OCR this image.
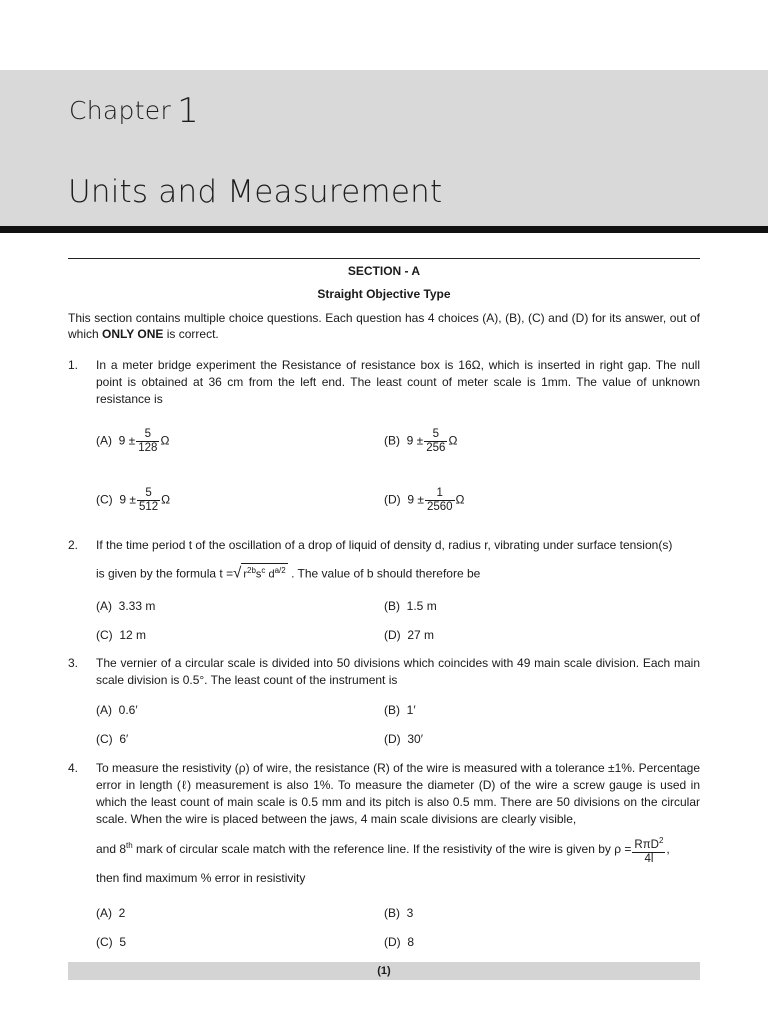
Chapter 1
Units and Measurement
SECTION - A
Straight Objective Type
This section contains multiple choice questions. Each question has 4 choices (A), (B), (C) and (D) for its answer, out of which ONLY ONE is correct.
1. In a meter bridge experiment the Resistance of resistance box is 16Ω, which is inserted in right gap. The null point is obtained at 36 cm from the left end. The least count of meter scale is 1mm. The value of unknown resistance is
(A) $9 \pm \frac{5}{128}$ Ω	(B) $9 \pm \frac{5}{256}$ Ω
(C) $9 \pm \frac{5}{512}$ Ω	(D) $9 \pm \frac{1}{2560}$ Ω
2. If the time period t of the oscillation of a drop of liquid of density d, radius r, vibrating under surface tension(s)
is given by the formula t =√ $r^{2b}s^c$ $d^{a/2}$ . The value of b should therefore be
(A) 3.33 m	(B) 1.5 m
(C) 12 m	(D) 27 m
3. The vernier of a circular scale is divided into 50 divisions which coincides with 49 main scale division. Each main scale division is 0.5°. The least count of the instrument is
(A) 0.6′	(B) 1′
(C) 6′	(D) 30′
4. To measure the resistivity (ρ) of wire, the resistance (R) of the wire is measured with a tolerance ±1%. Percentage error in length (ℓ) measurement is also 1%. To measure the diameter (D) of the wire a screw gauge is used in which the least count of main scale is 0.5 mm and its pitch is also 0.5 mm. There are 50 divisions on the circular scale. When the wire is placed between the jaws, 4 main scale divisions are clearly visible,
and 8th mark of circular scale match with the reference line. If the resistivity of the wire is given by $\rho = \frac{R\pi D^2}{4l}$ ,
then find maximum % error in resistivity
(A) 2	(B) 3
(C) 5	(D) 8
(1)
